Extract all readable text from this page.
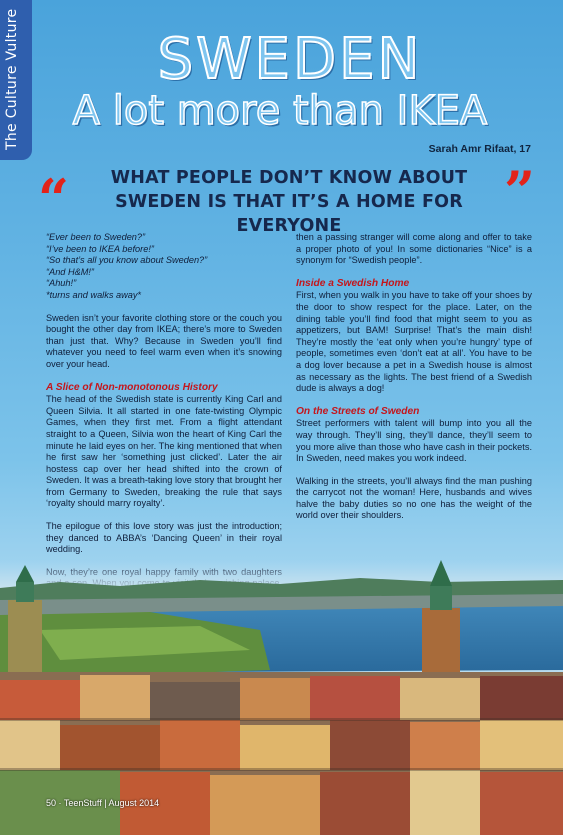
The Culture Vulture	SWEDEN
A lot more than IKEA
Sarah Amr Rifaat, 17
“	WHAT PEOPLE DON’T KNOW ABOUT SWEDEN IS THAT IT’S A HOME FOR EVERYONE
”

“Ever been to Sweden?”

“I’ve been to IKEA before!”

“So that’s all you know about Sweden?”

“And H&M!”

“Ahuh!”

*turns and walks away*

Sweden isn’t your favorite clothing store or the couch you bought the other day from IKEA; there’s more to Sweden than just that. Why? Because in Sweden you’ll find whatever you need to feel warm even when it’s snowing over your head.

A Slice of Non-monotonous History

The head of the Swedish state is currently King Carl and Queen Silvia. It all started in one fate-twisting Olympic Games, when they first met. From a flight attendant straight to a Queen, Silvia won the heart of King Carl the minute he laid eyes on her. The king mentioned that when he first saw her ‘something just clicked’. Later the air hostess cap over her head shifted into the crown of Sweden. It was a breath-taking love story that brought her from Germany to Sweden, breaking the rule that says ‘royalty should marry royalty’.

The epilogue of this love story was just the introduction; they danced to ABBA’s ‘Dancing Queen’ in their royal wedding.

then a passing stranger will come along and offer to take a proper photo of you! In some dictionaries “Nice” is a synonym for “Swedish people”.

Inside a Swedish Home

First, when you walk in you have to take off your shoes by the door to show respect for the place. Later, on the dining table you’ll find food that might seem to you as appetizers, but BAM! Surprise! That’s the main dish! They’re mostly the ‘eat only when you’re hungry’ type of people, sometimes even ‘don’t eat at all’. You have to be a dog lover because a pet in a Swedish house is almost as necessary as the lights. The best friend of a Swedish dude is always a dog!

On the Streets of Sweden

Street performers with talent will bump into you all the way through. They’ll sing, they’ll dance, they’ll seem to you more alive than those who have cash in their pockets. In Sweden, need makes you work indeed.

Walking in the streets, you’ll always find the man pushing the carrycot not the woman! Here, husbands and wives halve the baby duties so no one has the weight of the world over their shoulders.

50 · TeenStuff | August 2014
